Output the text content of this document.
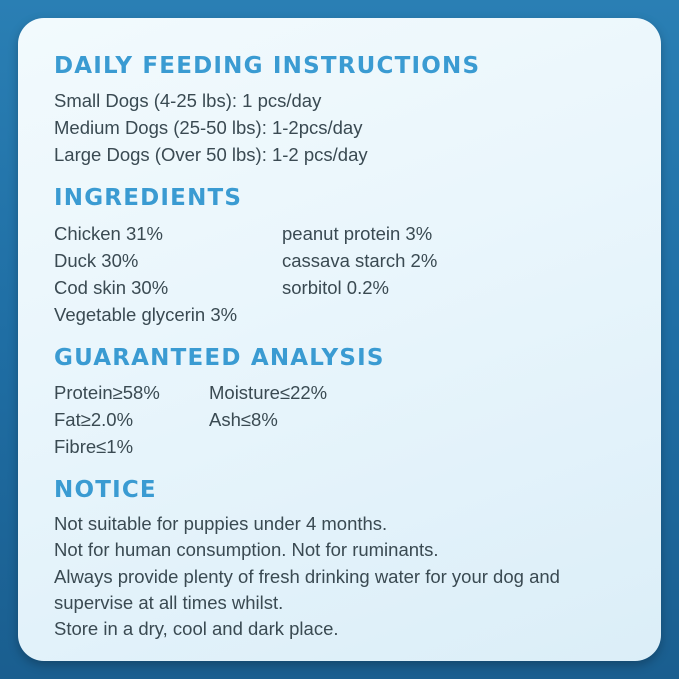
DAILY FEEDING INSTRUCTIONS
Small Dogs (4-25 lbs): 1 pcs/day
Medium Dogs (25-50 lbs): 1-2pcs/day
Large Dogs (Over 50 lbs): 1-2 pcs/day
INGREDIENTS
Chicken 31%
Duck 30%
Cod skin 30%
Vegetable glycerin 3%
peanut protein 3%
cassava starch 2%
sorbitol 0.2%
GUARANTEED ANALYSIS
Protein≥58%
Fat≥2.0%
Fibre≤1%
Moisture≤22%
Ash≤8%
NOTICE
Not suitable for puppies under 4 months.
Not for human consumption. Not for ruminants.
Always provide plenty of fresh drinking water for your dog and supervise at all times whilst.
Store in a dry, cool and dark place.
